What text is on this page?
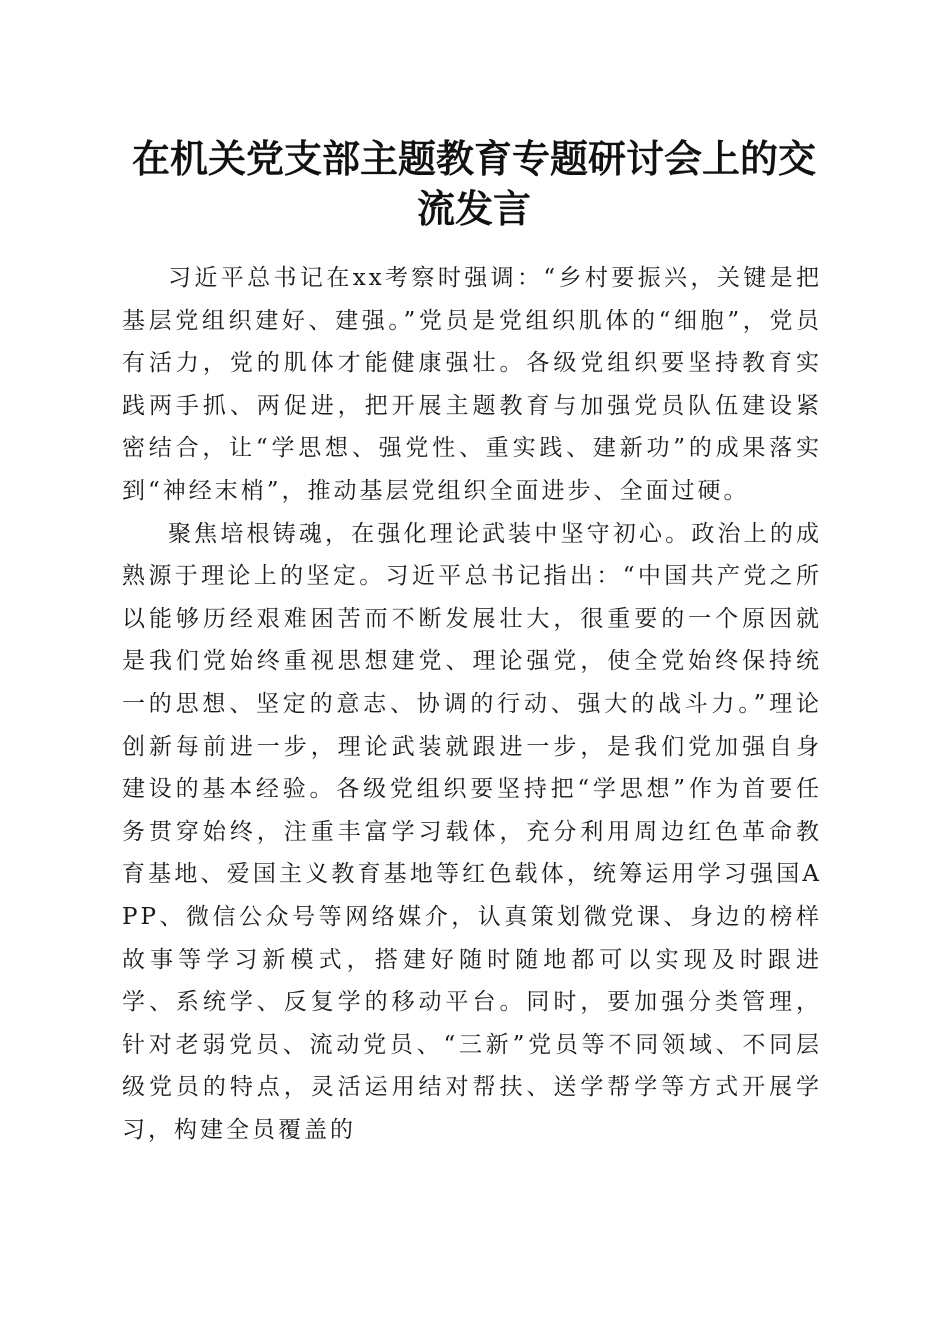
在机关党支部主题教育专题研讨会上的交流发言

习近平总书记在xx考察时强调：“乡村要振兴，关键是把基层党组织建好、建强。”党员是党组织肌体的“细胞”，党员有活力，党的肌体才能健康强壮。各级党组织要坚持教育实践两手抓、两促进，把开展主题教育与加强党员队伍建设紧密结合，让“学思想、强党性、重实践、建新功”的成果落实到“神经末梢”，推动基层党组织全面进步、全面过硬。

聚焦培根铸魂，在强化理论武装中坚守初心。政治上的成熟源于理论上的坚定。习近平总书记指出：“中国共产党之所以能够历经艰难困苦而不断发展壮大，很重要的一个原因就是我们党始终重视思想建党、理论强党，使全党始终保持统一的思想、坚定的意志、协调的行动、强大的战斗力。”理论创新每前进一步，理论武装就跟进一步，是我们党加强自身建设的基本经验。各级党组织要坚持把“学思想”作为首要任务贯穿始终，注重丰富学习载体，充分利用周边红色革命教育基地、爱国主义教育基地等红色载体，统筹运用学习强国APP、微信公众号等网络媒介，认真策划微党课、身边的榜样故事等学习新模式，搭建好随时随地都可以实现及时跟进学、系统学、反复学的移动平台。同时，要加强分类管理，针对老弱党员、流动党员、“三新”党员等不同领域、不同层级党员的特点，灵活运用结对帮扶、送学帮学等方式开展学习，构建全员覆盖的
